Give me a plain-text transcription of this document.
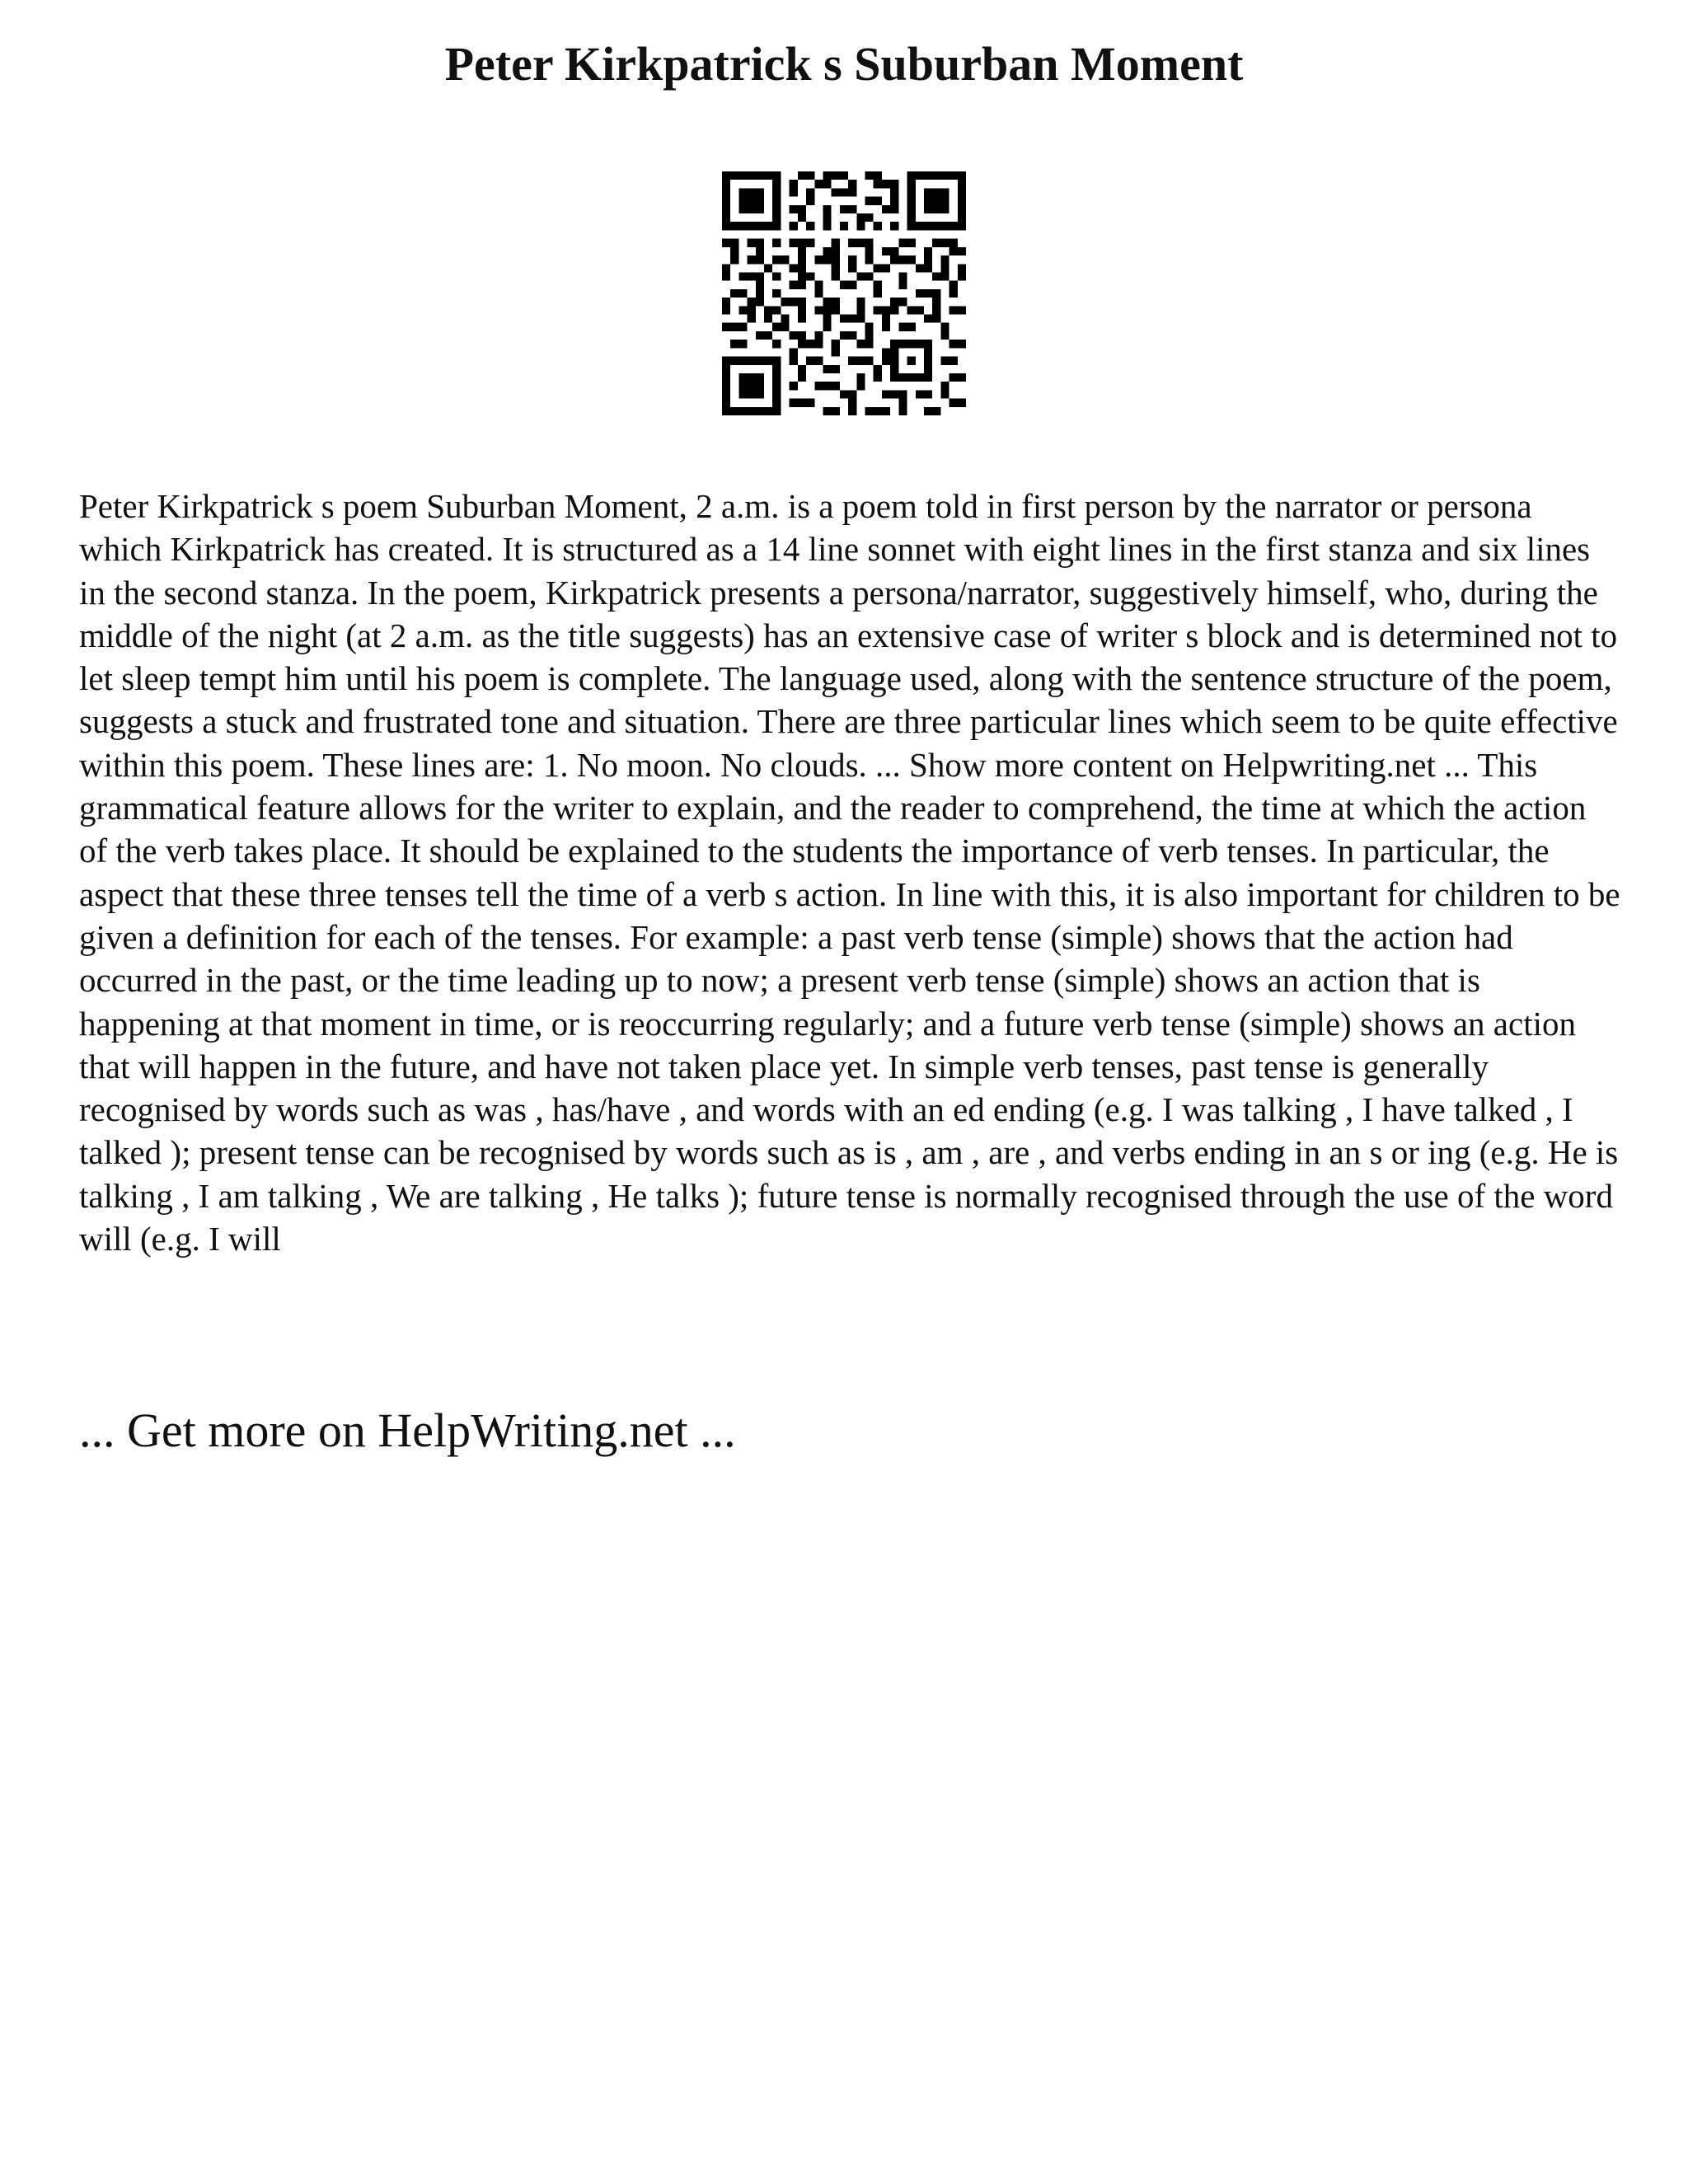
Peter Kirkpatrick s Suburban Moment

Peter Kirkpatrick s poem Suburban Moment, 2 a.m. is a poem told in first person by the narrator or persona which Kirkpatrick has created. It is structured as a 14 line sonnet with eight lines in the first stanza and six lines in the second stanza. In the poem, Kirkpatrick presents a persona/narrator, suggestively himself, who, during the middle of the night (at 2 a.m. as the title suggests) has an extensive case of writer s block and is determined not to let sleep tempt him until his poem is complete. The language used, along with the sentence structure of the poem, suggests a stuck and frustrated tone and situation. There are three particular lines which seem to be quite effective within this poem. These lines are: 1. No moon. No clouds. ... Show more content on Helpwriting.net ... This grammatical feature allows for the writer to explain, and the reader to comprehend, the time at which the action of the verb takes place. It should be explained to the students the importance of verb tenses. In particular, the aspect that these three tenses tell the time of a verb s action. In line with this, it is also important for children to be given a definition for each of the tenses. For example: a past verb tense (simple) shows that the action had occurred in the past, or the time leading up to now; a present verb tense (simple) shows an action that is happening at that moment in time, or is reoccurring regularly; and a future verb tense (simple) shows an action that will happen in the future, and have not taken place yet. In simple verb tenses, past tense is generally recognised by words such as was , has/have , and words with an ed ending (e.g. I was talking , I have talked , I talked ); present tense can be recognised by words such as is , am , are , and verbs ending in an s or ing (e.g. He is talking , I am talking , We are talking , He talks ); future tense is normally recognised through the use of the word will (e.g. I will

... Get more on HelpWriting.net ...
